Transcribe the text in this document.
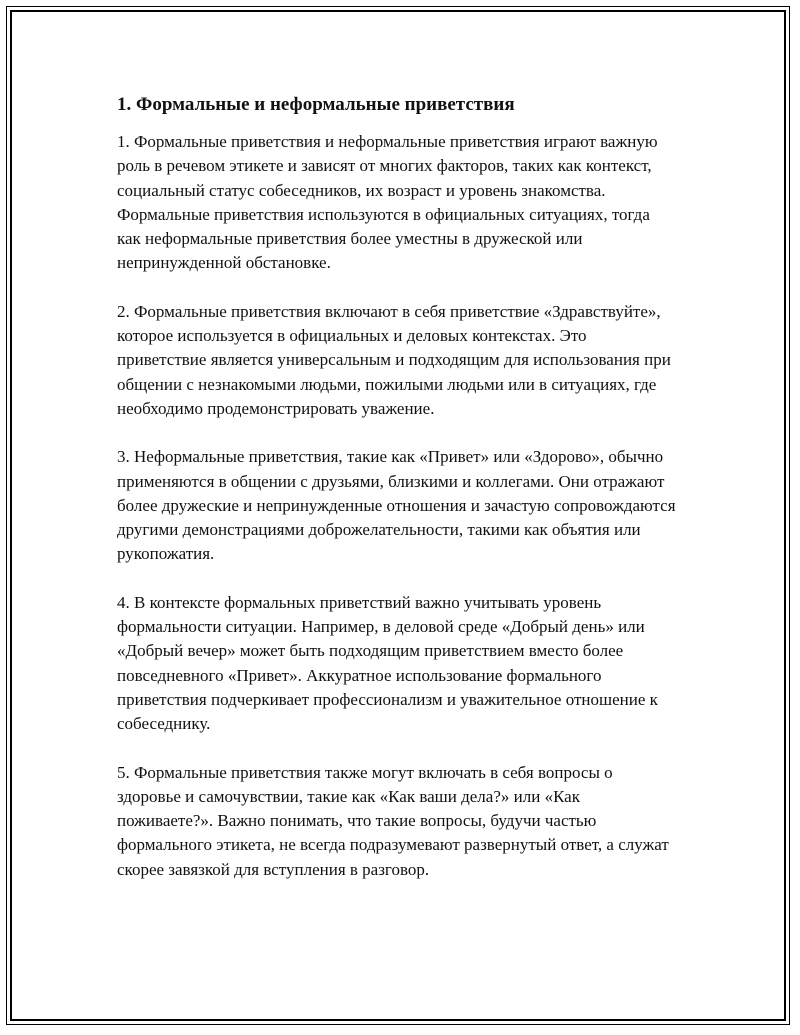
1. Формальные и неформальные приветствия

1. Формальные приветствия и неформальные приветствия играют важную роль в речевом этикете и зависят от многих факторов, таких как контекст, социальный статус собеседников, их возраст и уровень знакомства. Формальные приветствия используются в официальных ситуациях, тогда как неформальные приветствия более уместны в дружеской или непринужденной обстановке.

2. Формальные приветствия включают в себя приветствие «Здравствуйте», которое используется в официальных и деловых контекстах. Это приветствие является универсальным и подходящим для использования при общении с незнакомыми людьми, пожилыми людьми или в ситуациях, где необходимо продемонстрировать уважение.

3. Неформальные приветствия, такие как «Привет» или «Здорово», обычно применяются в общении с друзьями, близкими и коллегами. Они отражают более дружеские и непринужденные отношения и зачастую сопровождаются другими демонстрациями доброжелательности, такими как объятия или рукопожатия.

4. В контексте формальных приветствий важно учитывать уровень формальности ситуации. Например, в деловой среде «Добрый день» или «Добрый вечер» может быть подходящим приветствием вместо более повседневного «Привет». Аккуратное использование формального приветствия подчеркивает профессионализм и уважительное отношение к собеседнику.

5. Формальные приветствия также могут включать в себя вопросы о здоровье и самочувствии, такие как «Как ваши дела?» или «Как поживаете?». Важно понимать, что такие вопросы, будучи частью формального этикета, не всегда подразумевают развернутый ответ, а служат скорее завязкой для вступления в разговор.
